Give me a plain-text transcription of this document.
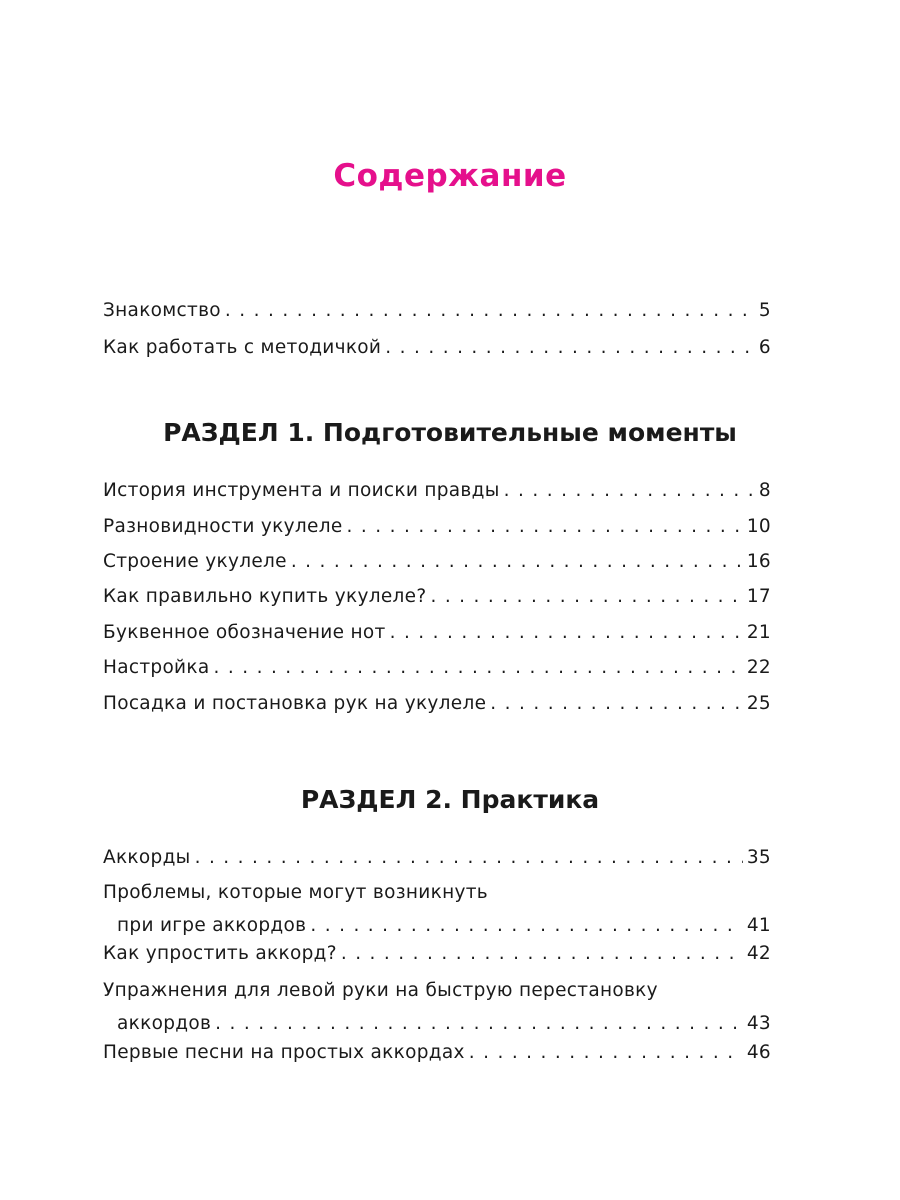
Содержание
Знакомство . . .	5
Как работать с методичкой . . .	6
РАЗДЕЛ 1. Подготовительные моменты
История инструмента и поиски правды . . .	8
Разновидности укулеле . . .	10
Строение укулеле . . .	16
Как правильно купить укулеле? . . .	17
Буквенное обозначение нот . . .	21
Настройка . . .	22
Посадка и постановка рук на укулеле . . .	25
РАЗДЕЛ 2. Практика
Аккорды . . .	35
Проблемы, которые могут возникнуть
при игре аккордов . . .	41
Как упростить аккорд? . . .	42
Упражнения для левой руки на быструю перестановку
аккордов . . .	43
Первые песни на простых аккордах . . .	46
